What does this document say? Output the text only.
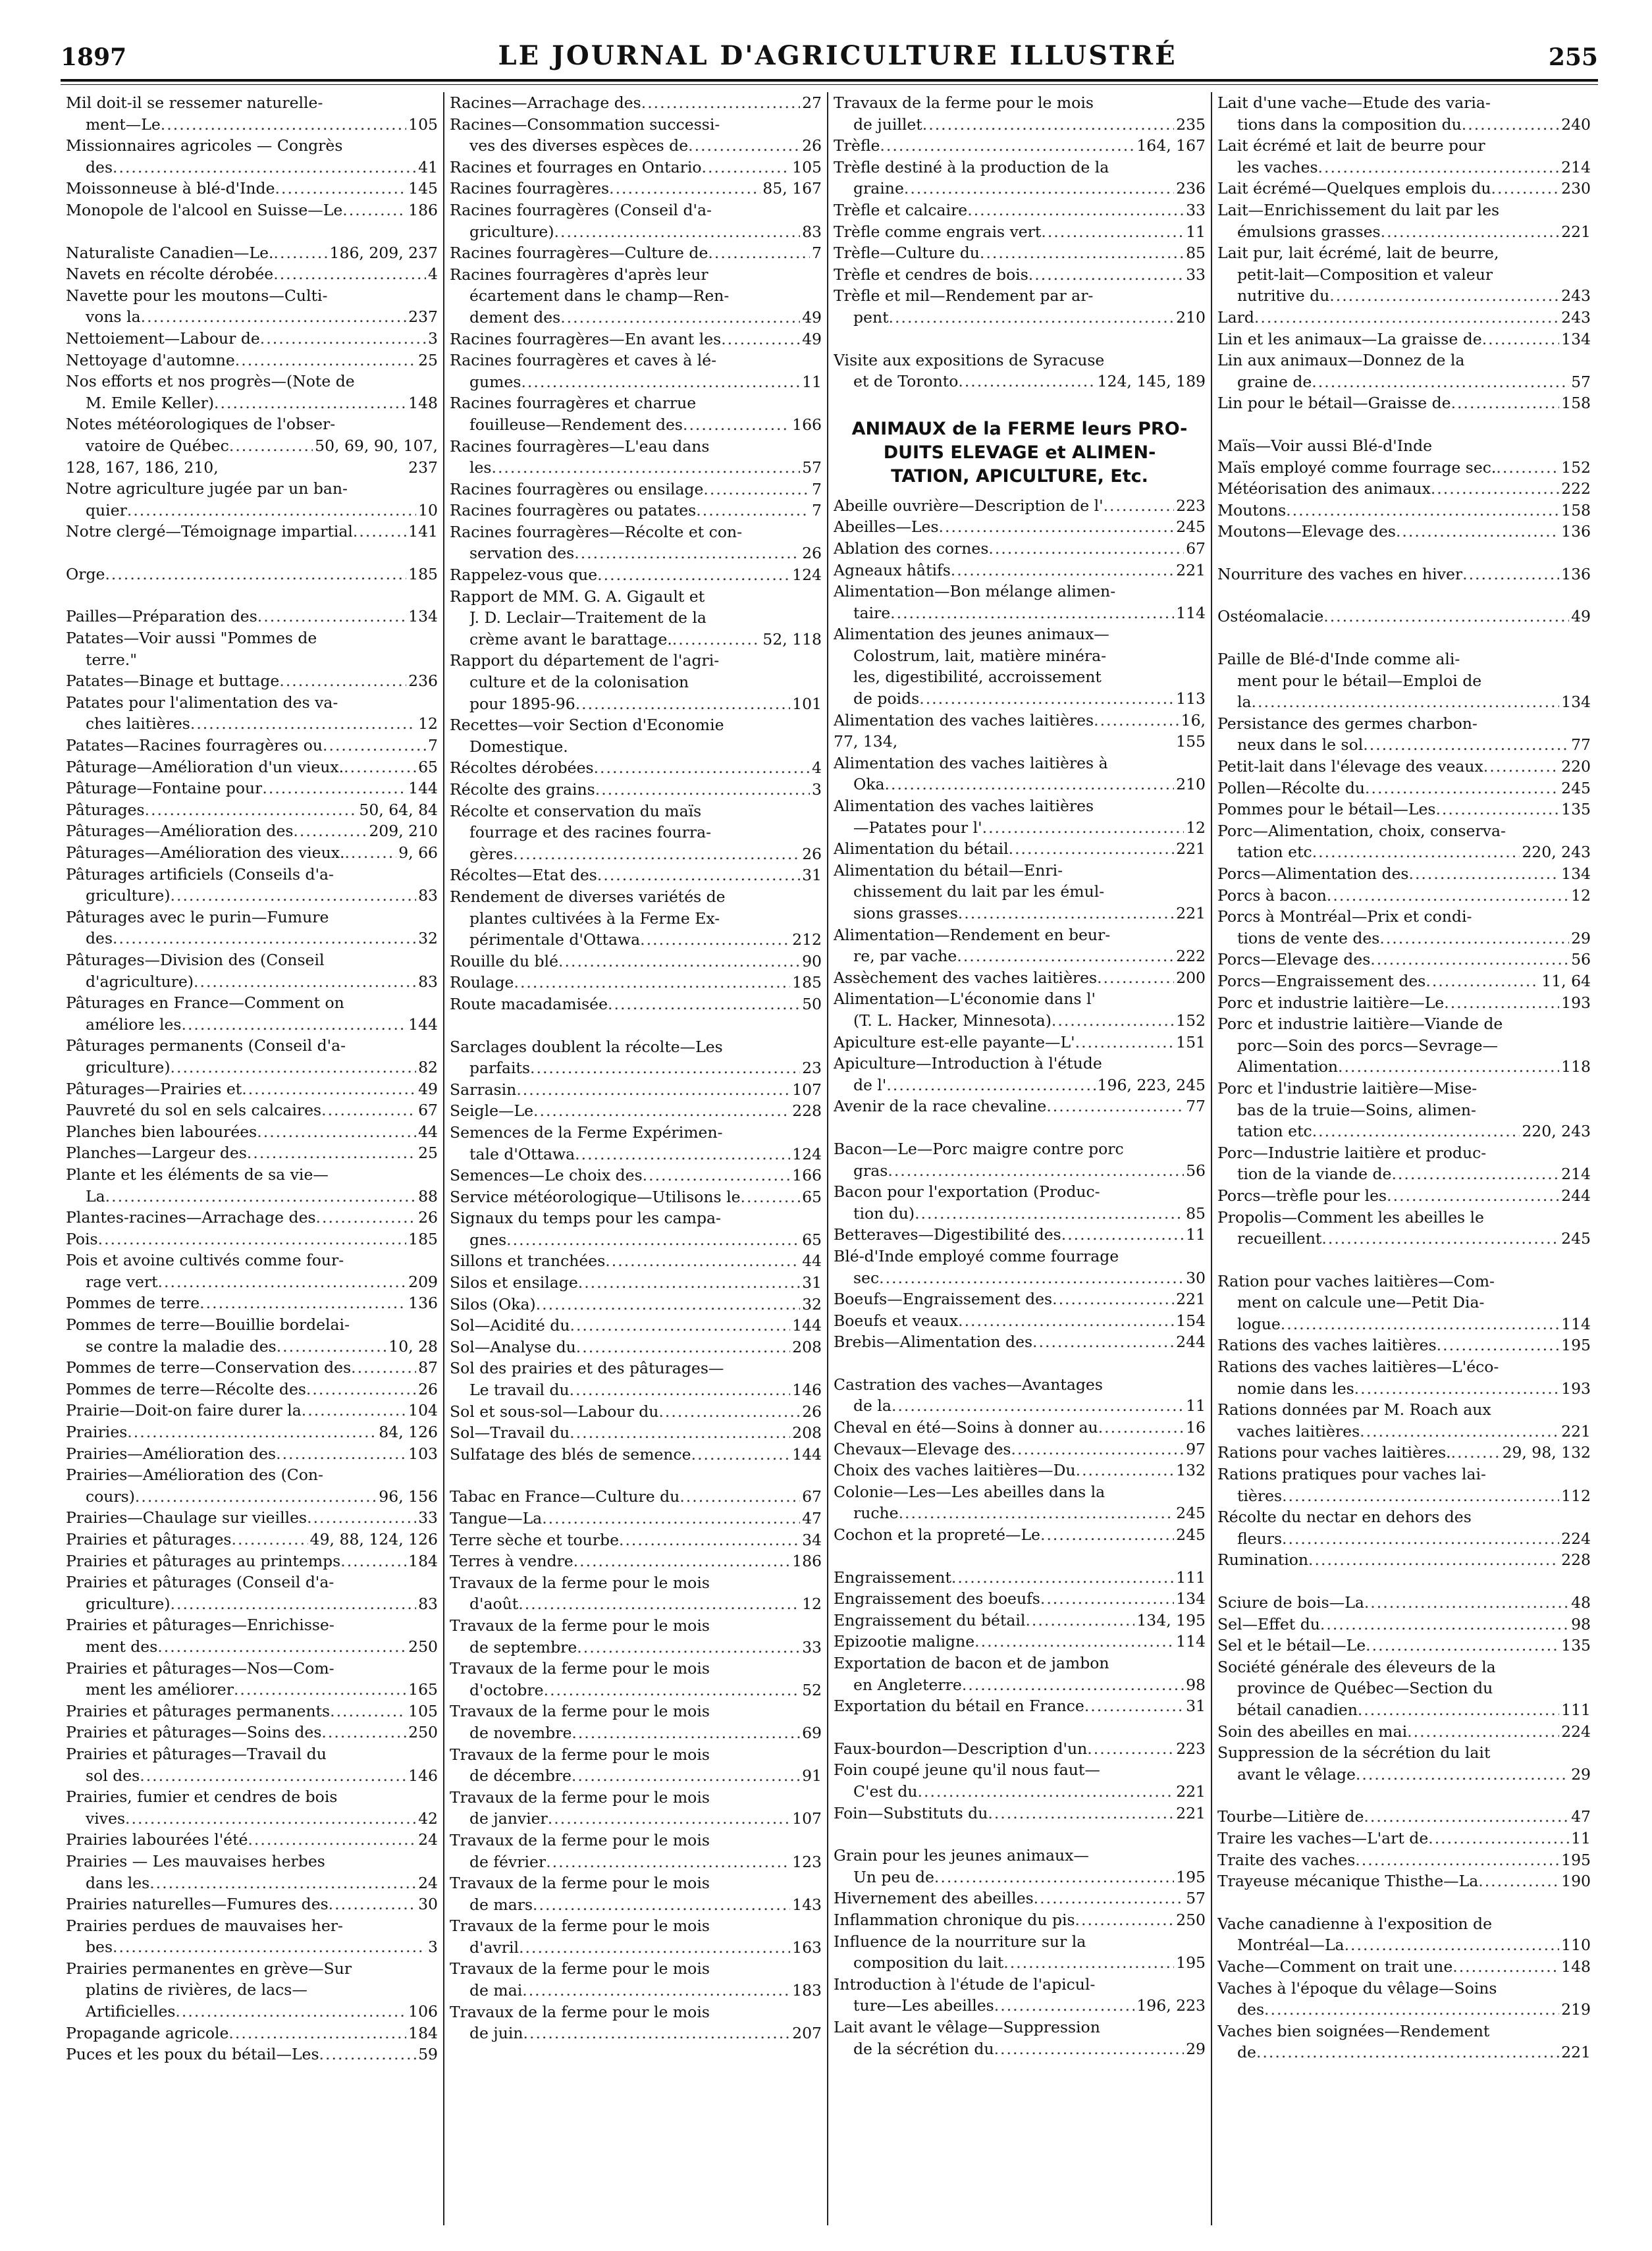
1897	LE JOURNAL D'AGRICULTURE ILLUSTRÉ	255
Mil doit-il se ressemer naturelle-
ment—Le .....	105
Missionnaires agricoles — Congrès
des .....	41
Moissonneuse à blé-d'Inde .....	145
Monopole de l'alcool en Suisse—Le .....	186
Naturaliste Canadien—Le. .....	186, 209, 237
Navets en récolte dérobée .....	4
Navette pour les moutons—Culti-
vons la .....	237
Nettoiement—Labour de .....	3
Nettoyage d'automne .....	25
Nos efforts et nos progrès—(Note de
M. Emile Keller) .....	148
Notes météorologiques de l'obser-
vatoire de Québec .....	50, 69, 90, 107,
128, 167, 186, 210,	237
Notre agriculture jugée par un ban-
quier .....	10
Notre clergé—Témoignage impartial .....	141
Orge .....	185
Pailles—Préparation des .....	134
Patates—Voir aussi "Pommes de
terre."
Patates—Binage et buttage .....	236
Patates pour l'alimentation des va-
ches laitières .....	12
Patates—Racines fourragères ou .....	7
Pâturage—Amélioration d'un vieux. .....	65
Pâturage—Fontaine pour .....	144
Pâturages .....	50, 64, 84
Pâturages—Amélioration des .....	209, 210
Pâturages—Amélioration des vieux. .....	9, 66
Pâturages artificiels (Conseils d'a-
griculture) .....	83
Pâturages avec le purin—Fumure
des .....	32
Pâturages—Division des (Conseil
d'agriculture) .....	83
Pâturages en France—Comment on
améliore les .....	144
Pâturages permanents (Conseil d'a-
griculture) .....	82
Pâturages—Prairies et .....	49
Pauvreté du sol en sels calcaires .....	67
Planches bien labourées .....	44
Planches—Largeur des .....	25
Plante et les éléments de sa vie—
La .....	88
Plantes-racines—Arrachage des .....	26
Pois .....	185
Pois et avoine cultivés comme four-
rage vert .....	209
Pommes de terre .....	136
Pommes de terre—Bouillie bordelai-
se contre la maladie des .....	10, 28
Pommes de terre—Conservation des .....	87
Pommes de terre—Récolte des .....	26
Prairie—Doit-on faire durer la .....	104
Prairies .....	84, 126
Prairies—Amélioration des .....	103
Prairies—Amélioration des (Con-
cours) .....	96, 156
Prairies—Chaulage sur vieilles .....	33
Prairies et pâturages .....	49, 88, 124, 126
Prairies et pâturages au printemps .....	184
Prairies et pâturages (Conseil d'a-
griculture) .....	83
Prairies et pâturages—Enrichisse-
ment des .....	250
Prairies et pâturages—Nos—Com-
ment les améliorer .....	165
Prairies et pâturages permanents .....	105
Prairies et pâturages—Soins des .....	250
Prairies et pâturages—Travail du
sol des .....	146
Prairies, fumier et cendres de bois
vives .....	42
Prairies labourées l'été .....	24
Prairies — Les mauvaises herbes
dans les .....	24
Prairies naturelles—Fumures des .....	30
Prairies perdues de mauvaises her-
bes .....	3
Prairies permanentes en grève—Sur
platins de rivières, de lacs—
Artificielles .....	106
Propagande agricole .....	184
Puces et les poux du bétail—Les .....	59
Racines—Arrachage des .....	27
Racines—Consommation successi-
ves des diverses espèces de .....	26
Racines et fourrages en Ontario .....	105
Racines fourragères .....	85, 167
Racines fourragères (Conseil d'a-
griculture) .....	83
Racines fourragères—Culture de .....	7
Racines fourragères d'après leur
écartement dans le champ—Ren-
dement des .....	49
Racines fourragères—En avant les .....	49
Racines fourragères et caves à lé-
gumes .....	11
Racines fourragères et charrue
fouilleuse—Rendement des .....	166
Racines fourragères—L'eau dans
les .....	57
Racines fourragères ou ensilage .....	7
Racines fourragères ou patates .....	7
Racines fourragères—Récolte et con-
servation des .....	26
Rappelez-vous que .....	124
Rapport de MM. G. A. Gigault et
J. D. Leclair—Traitement de la
crème avant le barattage. .....	52, 118
Rapport du département de l'agri-
culture et de la colonisation
pour 1895-96 .....	101
Recettes—voir Section d'Economie
Domestique.
Récoltes dérobées .....	4
Récolte des grains .....	3
Récolte et conservation du maïs
fourrage et des racines fourra-
gères .....	26
Récoltes—Etat des .....	31
Rendement de diverses variétés de
plantes cultivées à la Ferme Ex-
périmentale d'Ottawa .....	212
Rouille du blé .....	90
Roulage .....	185
Route macadamisée .....	50
Sarclages doublent la récolte—Les
parfaits .....	23
Sarrasin .....	107
Seigle—Le .....	228
Semences de la Ferme Expérimen-
tale d'Ottawa .....	124
Semences—Le choix des .....	166
Service météorologique—Utilisons le .....	65
Signaux du temps pour les campa-
gnes .....	65
Sillons et tranchées .....	44
Silos et ensilage .....	31
Silos (Oka) .....	32
Sol—Acidité du .....	144
Sol—Analyse du .....	208
Sol des prairies et des pâturages—
Le travail du .....	146
Sol et sous-sol—Labour du .....	26
Sol—Travail du .....	208
Sulfatage des blés de semence .....	144
Tabac en France—Culture du .....	67
Tangue—La .....	47
Terre sèche et tourbe .....	34
Terres à vendre .....	186
Travaux de la ferme pour le mois
d'août .....	12
Travaux de la ferme pour le mois
de septembre .....	33
Travaux de la ferme pour le mois
d'octobre .....	52
Travaux de la ferme pour le mois
de novembre .....	69
Travaux de la ferme pour le mois
de décembre .....	91
Travaux de la ferme pour le mois
de janvier .....	107
Travaux de la ferme pour le mois
de février .....	123
Travaux de la ferme pour le mois
de mars .....	143
Travaux de la ferme pour le mois
d'avril .....	163
Travaux de la ferme pour le mois
de mai .....	183
Travaux de la ferme pour le mois
de juin .....	207
Travaux de la ferme pour le mois
de juillet .....	235
Trèfle .....	164, 167
Trèfle destiné à la production de la
graine .....	236
Trèfle et calcaire .....	33
Trèfle comme engrais vert .....	11
Trèfle—Culture du .....	85
Trèfle et cendres de bois .....	33
Trèfle et mil—Rendement par ar-
pent .....	210
Visite aux expositions de Syracuse
et de Toronto .....	124, 145, 189

ANIMAUX de la FERME leurs PRO-

DUITS ELEVAGE et ALIMEN-

TATION, APICULTURE, Etc.

Abeille ouvrière—Description de l' .....	223
Abeilles—Les .....	245
Ablation des cornes .....	67
Agneaux hâtifs .....	221
Alimentation—Bon mélange alimen-
taire .....	114
Alimentation des jeunes animaux—
Colostrum, lait, matière minéra-
les, digestibilité, accroissement
de poids .....	113
Alimentation des vaches laitières .....	16,
77, 134,	155
Alimentation des vaches laitières à
Oka .....	210
Alimentation des vaches laitières
—Patates pour l' .....	12
Alimentation du bétail .....	221
Alimentation du bétail—Enri-
chissement du lait par les émul-
sions grasses .....	221
Alimentation—Rendement en beur-
re, par vache .....	222
Assèchement des vaches laitières .....	200
Alimentation—L'économie dans l'
(T. L. Hacker, Minnesota) .....	152
Apiculture est-elle payante—L' .....	151
Apiculture—Introduction à l'étude
de l' .....	196, 223, 245
Avenir de la race chevaline .....	77
Bacon—Le—Porc maigre contre porc
gras .....	56
Bacon pour l'exportation (Produc-
tion du) .....	85
Betteraves—Digestibilité des .....	11
Blé-d'Inde employé comme fourrage
sec .....	30
Boeufs—Engraissement des .....	221
Boeufs et veaux .....	154
Brebis—Alimentation des .....	244
Castration des vaches—Avantages
de la .....	11
Cheval en été—Soins à donner au .....	16
Chevaux—Elevage des .....	97
Choix des vaches laitières—Du .....	132
Colonie—Les—Les abeilles dans la
ruche .....	245
Cochon et la propreté—Le .....	245
Engraissement .....	111
Engraissement des boeufs .....	134
Engraissement du bétail .....	134, 195
Epizootie maligne .....	114
Exportation de bacon et de jambon
en Angleterre .....	98
Exportation du bétail en France .....	31
Faux-bourdon—Description d'un .....	223
Foin coupé jeune qu'il nous faut—
C'est du .....	221
Foin—Substituts du .....	221
Grain pour les jeunes animaux—
Un peu de .....	195
Hivernement des abeilles .....	57
Inflammation chronique du pis .....	250
Influence de la nourriture sur la
composition du lait .....	195
Introduction à l'étude de l'apicul-
ture—Les abeilles .....	196, 223
Lait avant le vêlage—Suppression
de la sécrétion du .....	29
Lait d'une vache—Etude des varia-
tions dans la composition du .....	240
Lait écrémé et lait de beurre pour
les vaches .....	214
Lait écrémé—Quelques emplois du .....	230
Lait—Enrichissement du lait par les
émulsions grasses .....	221
Lait pur, lait écrémé, lait de beurre,
petit-lait—Composition et valeur
nutritive du .....	243
Lard .....	243
Lin et les animaux—La graisse de .....	134
Lin aux animaux—Donnez de la
graine de .....	57
Lin pour le bétail—Graisse de .....	158
Maïs—Voir aussi Blé-d'Inde
Maïs employé comme fourrage sec. .....	152
Météorisation des animaux .....	222
Moutons .....	158
Moutons—Elevage des .....	136
Nourriture des vaches en hiver .....	136
Ostéomalacie .....	49
Paille de Blé-d'Inde comme ali-
ment pour le bétail—Emploi de
la .....	134
Persistance des germes charbon-
neux dans le sol .....	77
Petit-lait dans l'élevage des veaux .....	220
Pollen—Récolte du .....	245
Pommes pour le bétail—Les .....	135
Porc—Alimentation, choix, conserva-
tation etc .....	220, 243
Porcs—Alimentation des .....	134
Porcs à bacon .....	12
Porcs à Montréal—Prix et condi-
tions de vente des .....	29
Porcs—Elevage des .....	56
Porcs—Engraissement des .....	11, 64
Porc et industrie laitière—Le .....	193
Porc et industrie laitière—Viande de
porc—Soin des porcs—Sevrage—
Alimentation .....	118
Porc et l'industrie laitière—Mise-
bas de la truie—Soins, alimen-
tation etc .....	220, 243
Porc—Industrie laitière et produc-
tion de la viande de .....	214
Porcs—trèfle pour les .....	244
Propolis—Comment les abeilles le
recueillent .....	245
Ration pour vaches laitières—Com-
ment on calcule une—Petit Dia-
logue .....	114
Rations des vaches laitières .....	195
Rations des vaches laitières—L'éco-
nomie dans les .....	193
Rations données par M. Roach aux
vaches laitières .....	221
Rations pour vaches laitières. .....	29, 98, 132
Rations pratiques pour vaches lai-
tières .....	112
Récolte du nectar en dehors des
fleurs .....	224
Rumination .....	228
Sciure de bois—La .....	48
Sel—Effet du .....	98
Sel et le bétail—Le .....	135
Société générale des éleveurs de la
province de Québec—Section du
bétail canadien .....	111
Soin des abeilles en mai .....	224
Suppression de la sécrétion du lait
avant le vêlage .....	29
Tourbe—Litière de .....	47
Traire les vaches—L'art de .....	11
Traite des vaches .....	195
Trayeuse mécanique Thisthe—La .....	190
Vache canadienne à l'exposition de
Montréal—La .....	110
Vache—Comment on trait une .....	148
Vaches à l'époque du vêlage—Soins
des .....	219
Vaches bien soignées—Rendement
de .....	221
